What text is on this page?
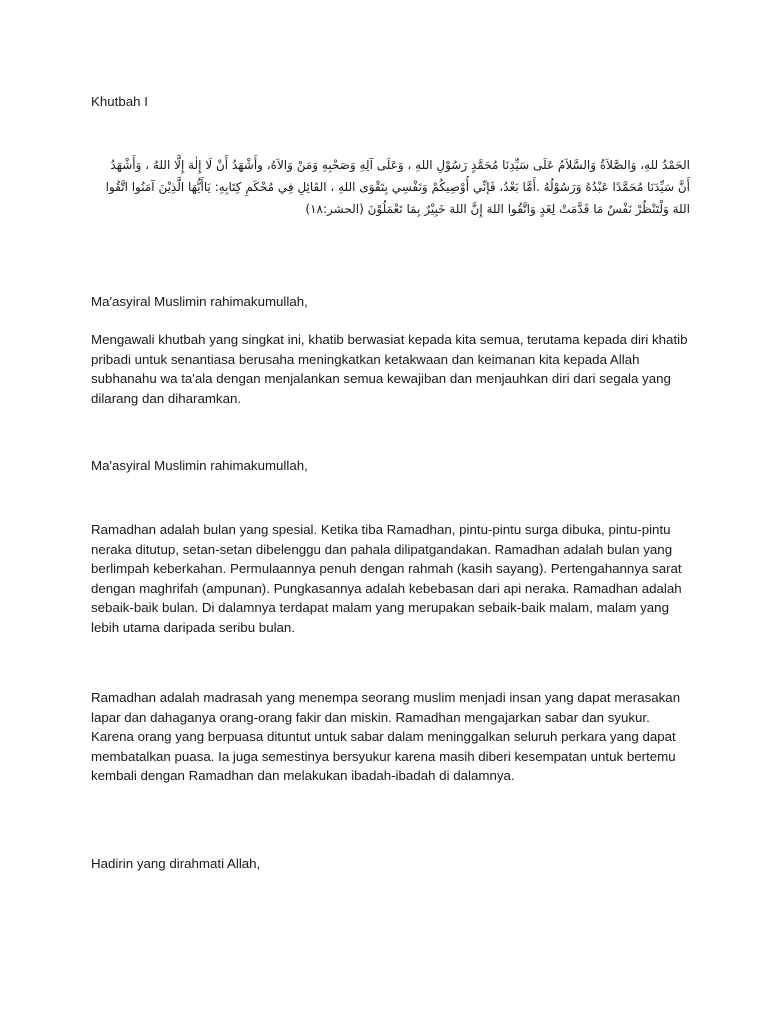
Khutbah I

الحَمْدُ للهِ، وَالصَّلاَةُ وَالسَّلاَمُ عَلَى سَيِّدِنَا مُحَمَّدٍ رَسُوْلِ اللهِ ، وَعَلَى آلِهِ وَصَحْبِهِ وَمَنْ وَالاَهُ، وأَشْهَدُ أَنْ لَا إِلٰهَ إِلَّا اللهُ ، وَأَشْهَدُ
أَنَّ سَيِّدَنَا مُحَمَّدًا عَبْدُهُ وَرَسُوْلُهُ .أَمَّا بَعْدُ، فَإنِّي أُوْصِيكُمْ وَنَفْسِي بِتَقْوَى اللهِ ، القَائِلِ فِي مُحْكَمِ كِتَابِهِ: يَاأَيُّهَا الَّذِيْنَ آمَنُوا اتَّقُوا
اللهَ وَلْتَنْظُرْ نَفْسٌ مَا قَدَّمَتْ لِغَدٍ وَاتَّقُوا اللهَ إِنَّ اللهَ خَبِيْرٌ بِمَا تَعْمَلُوْنَ (الحشر:١٨)

Ma'asyiral Muslimin rahimakumullah,

Mengawali khutbah yang singkat ini, khatib berwasiat kepada kita semua, terutama kepada diri khatib pribadi untuk senantiasa berusaha meningkatkan ketakwaan dan keimanan kita kepada Allah subhanahu wa ta'ala dengan menjalankan semua kewajiban dan menjauhkan diri dari segala yang dilarang dan diharamkan.

Ma'asyiral Muslimin rahimakumullah,

Ramadhan adalah bulan yang spesial. Ketika tiba Ramadhan, pintu-pintu surga dibuka, pintu-pintu neraka ditutup, setan-setan dibelenggu dan pahala dilipatgandakan. Ramadhan adalah bulan yang berlimpah keberkahan. Permulaannya penuh dengan rahmah (kasih sayang). Pertengahannya sarat dengan maghrifah (ampunan). Pungkasannya adalah kebebasan dari api neraka. Ramadhan adalah sebaik-baik bulan. Di dalamnya terdapat malam yang merupakan sebaik-baik malam, malam yang lebih utama daripada seribu bulan.

Ramadhan adalah madrasah yang menempa seorang muslim menjadi insan yang dapat merasakan lapar dan dahaganya orang-orang fakir dan miskin. Ramadhan mengajarkan sabar dan syukur. Karena orang yang berpuasa dituntut untuk sabar dalam meninggalkan seluruh perkara yang dapat membatalkan puasa. Ia juga semestinya bersyukur karena masih diberi kesempatan untuk bertemu kembali dengan Ramadhan dan melakukan ibadah-ibadah di dalamnya.

Hadirin yang dirahmati Allah,
